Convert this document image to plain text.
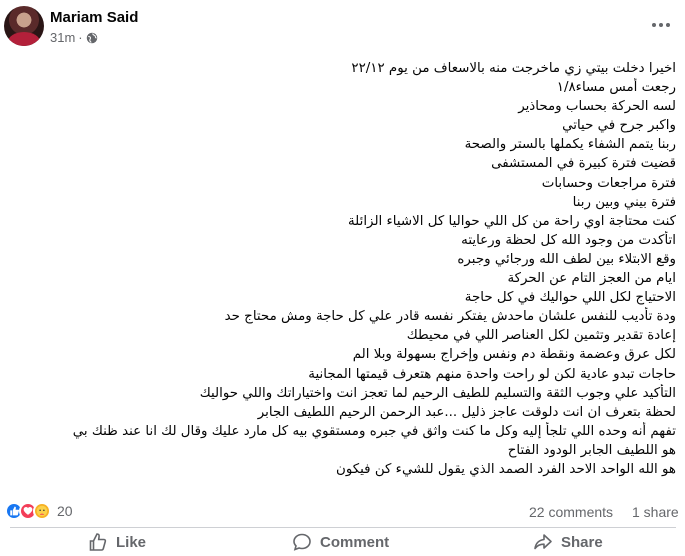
Mariam Said
31m ·
اخيرا دخلت بيتي زي ماخرجت منه بالاسعاف من يوم ٢٢/١٢
رجعت أمس مساء١/٨
لسه الحركة بحساب ومحاذير
واكبر جرح في حياتي
ربنا يتمم الشفاء يكملها بالستر والصحة
قضيت فترة كبيرة في المستشفى
فترة مراجعات وحسابات
فترة بيني وبين ربنا
كنت محتاجة اوي راحة من كل اللي حواليا كل الاشياء الزائلة
اتأكدت من وجود الله كل لحظة ورعايته
وقع الابتلاء بين لطف الله ورجائي وجبره
ايام من العجز التام عن الحركة
الاحتياج لكل اللي حواليك في كل حاجة
ودة تأديب للنفس علشان ماحدش يفتكر نفسه قادر علي كل حاجة ومش محتاج حد
إعادة تقدير وتثمين لكل العناصر اللي في محيطك
لكل عرق وعضمة ونقطة دم ونفس وإخراج بسهولة وبلا الم
حاجات تبدو عادية لكن لو راحت واحدة منهم هتعرف قيمتها المجانية
التأكيد علي وجوب الثقة والتسليم للطيف الرحيم لما تعجز انت واختياراتك واللي حواليك
لحظة بتعرف ان انت دلوقت عاجز ذليل ...عبد الرحمن الرحيم اللطيف الجابر
تفهم أنه وحده اللي تلجأ إليه وكل ما كنت واثق في جبره ومستقوي بيه كل مارد عليك وقال لك انا عند ظنك بي
هو اللطيف الجابر الودود الفتاح
هو الله الواحد الاحد الفرد الصمد الذي يقول للشيء كن فيكون
20	22 comments 1 share
Like	Comment	Share
